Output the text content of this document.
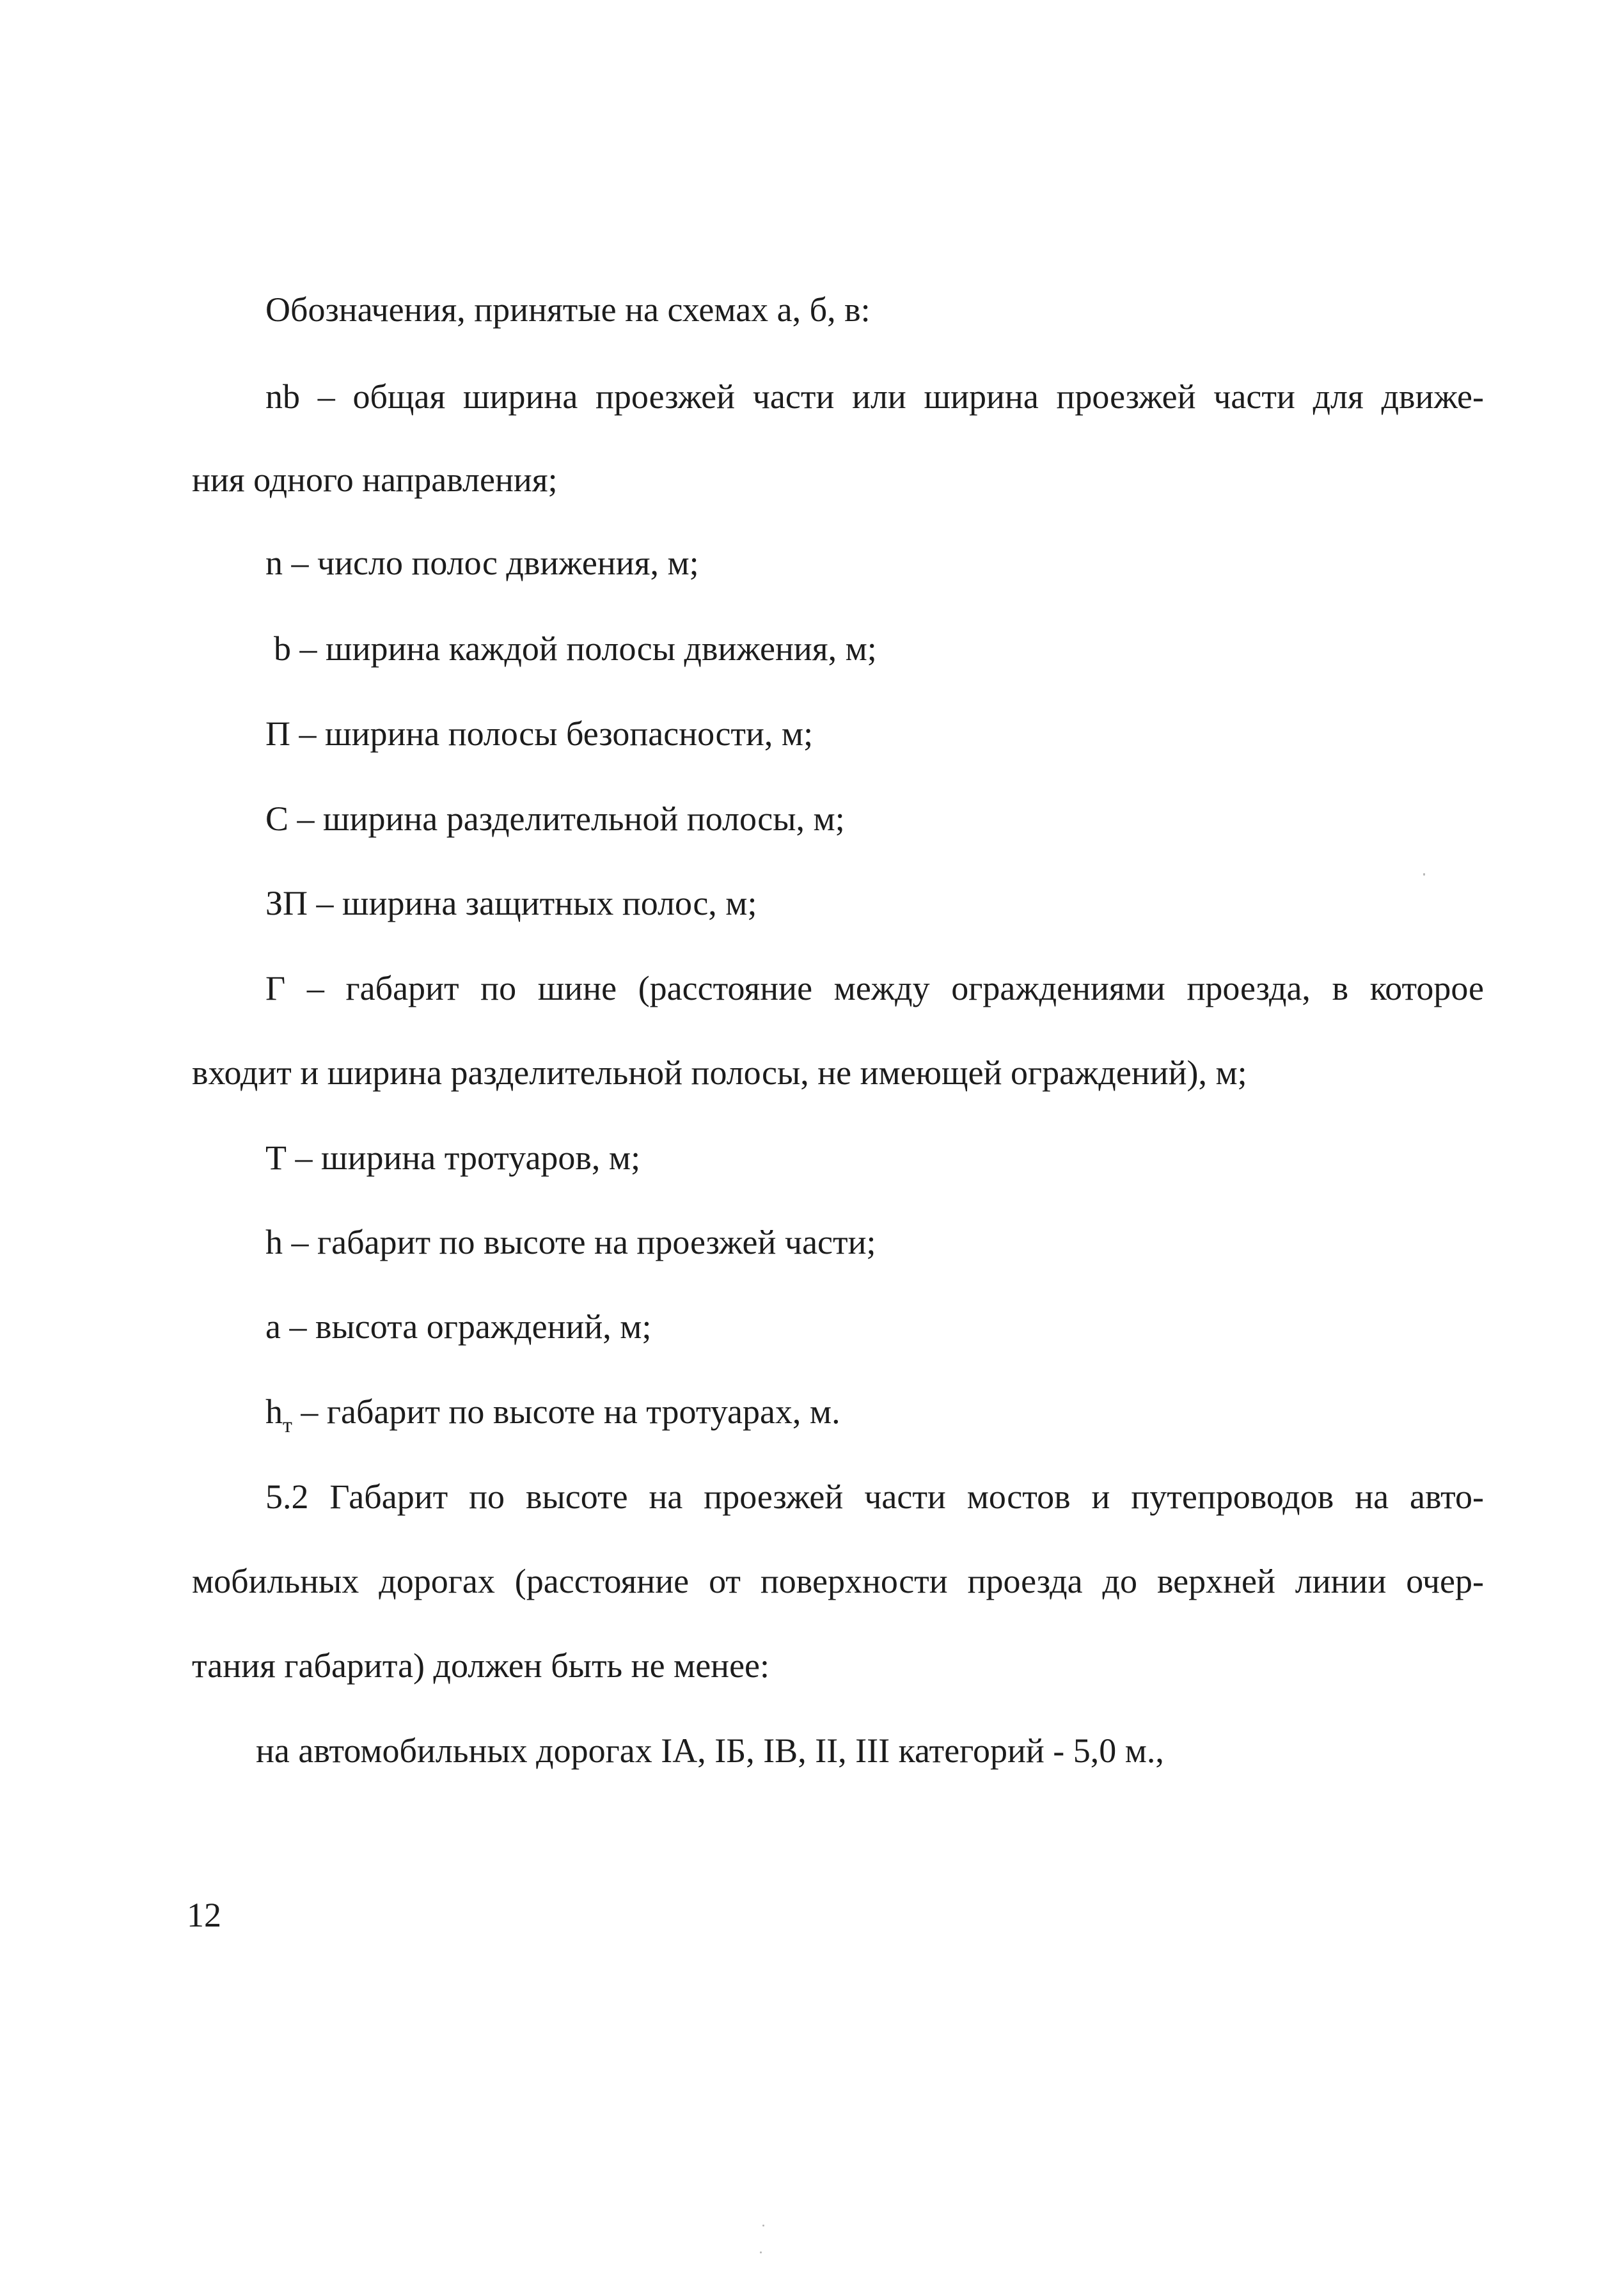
Обозначения, принятые на схемах а, б, в:
nb – общая ширина проезжей части или ширина проезжей части для движе-
ния одного направления;
n – число полос движения, м;
b – ширина каждой полосы движения, м;
П – ширина полосы безопасности, м;
С – ширина разделительной полосы, м;
ЗП – ширина защитных полос, м;
Г – габарит по шине (расстояние между ограждениями проезда, в которое
входит и ширина разделительной полосы, не имеющей ограждений), м;
Т – ширина тротуаров, м;
h – габарит по высоте на проезжей части;
а – высота ограждений, м;
$h_т$ – габарит по высоте на тротуарах, м.
5.2 Габарит по высоте на проезжей части мостов и путепроводов на авто-
мобильных дорогах (расстояние от поверхности проезда до верхней линии очер-
тания габарита) должен быть не менее:
на автомобильных дорогах IА, IБ, IВ, II, III категорий - 5,0 м.,
12
